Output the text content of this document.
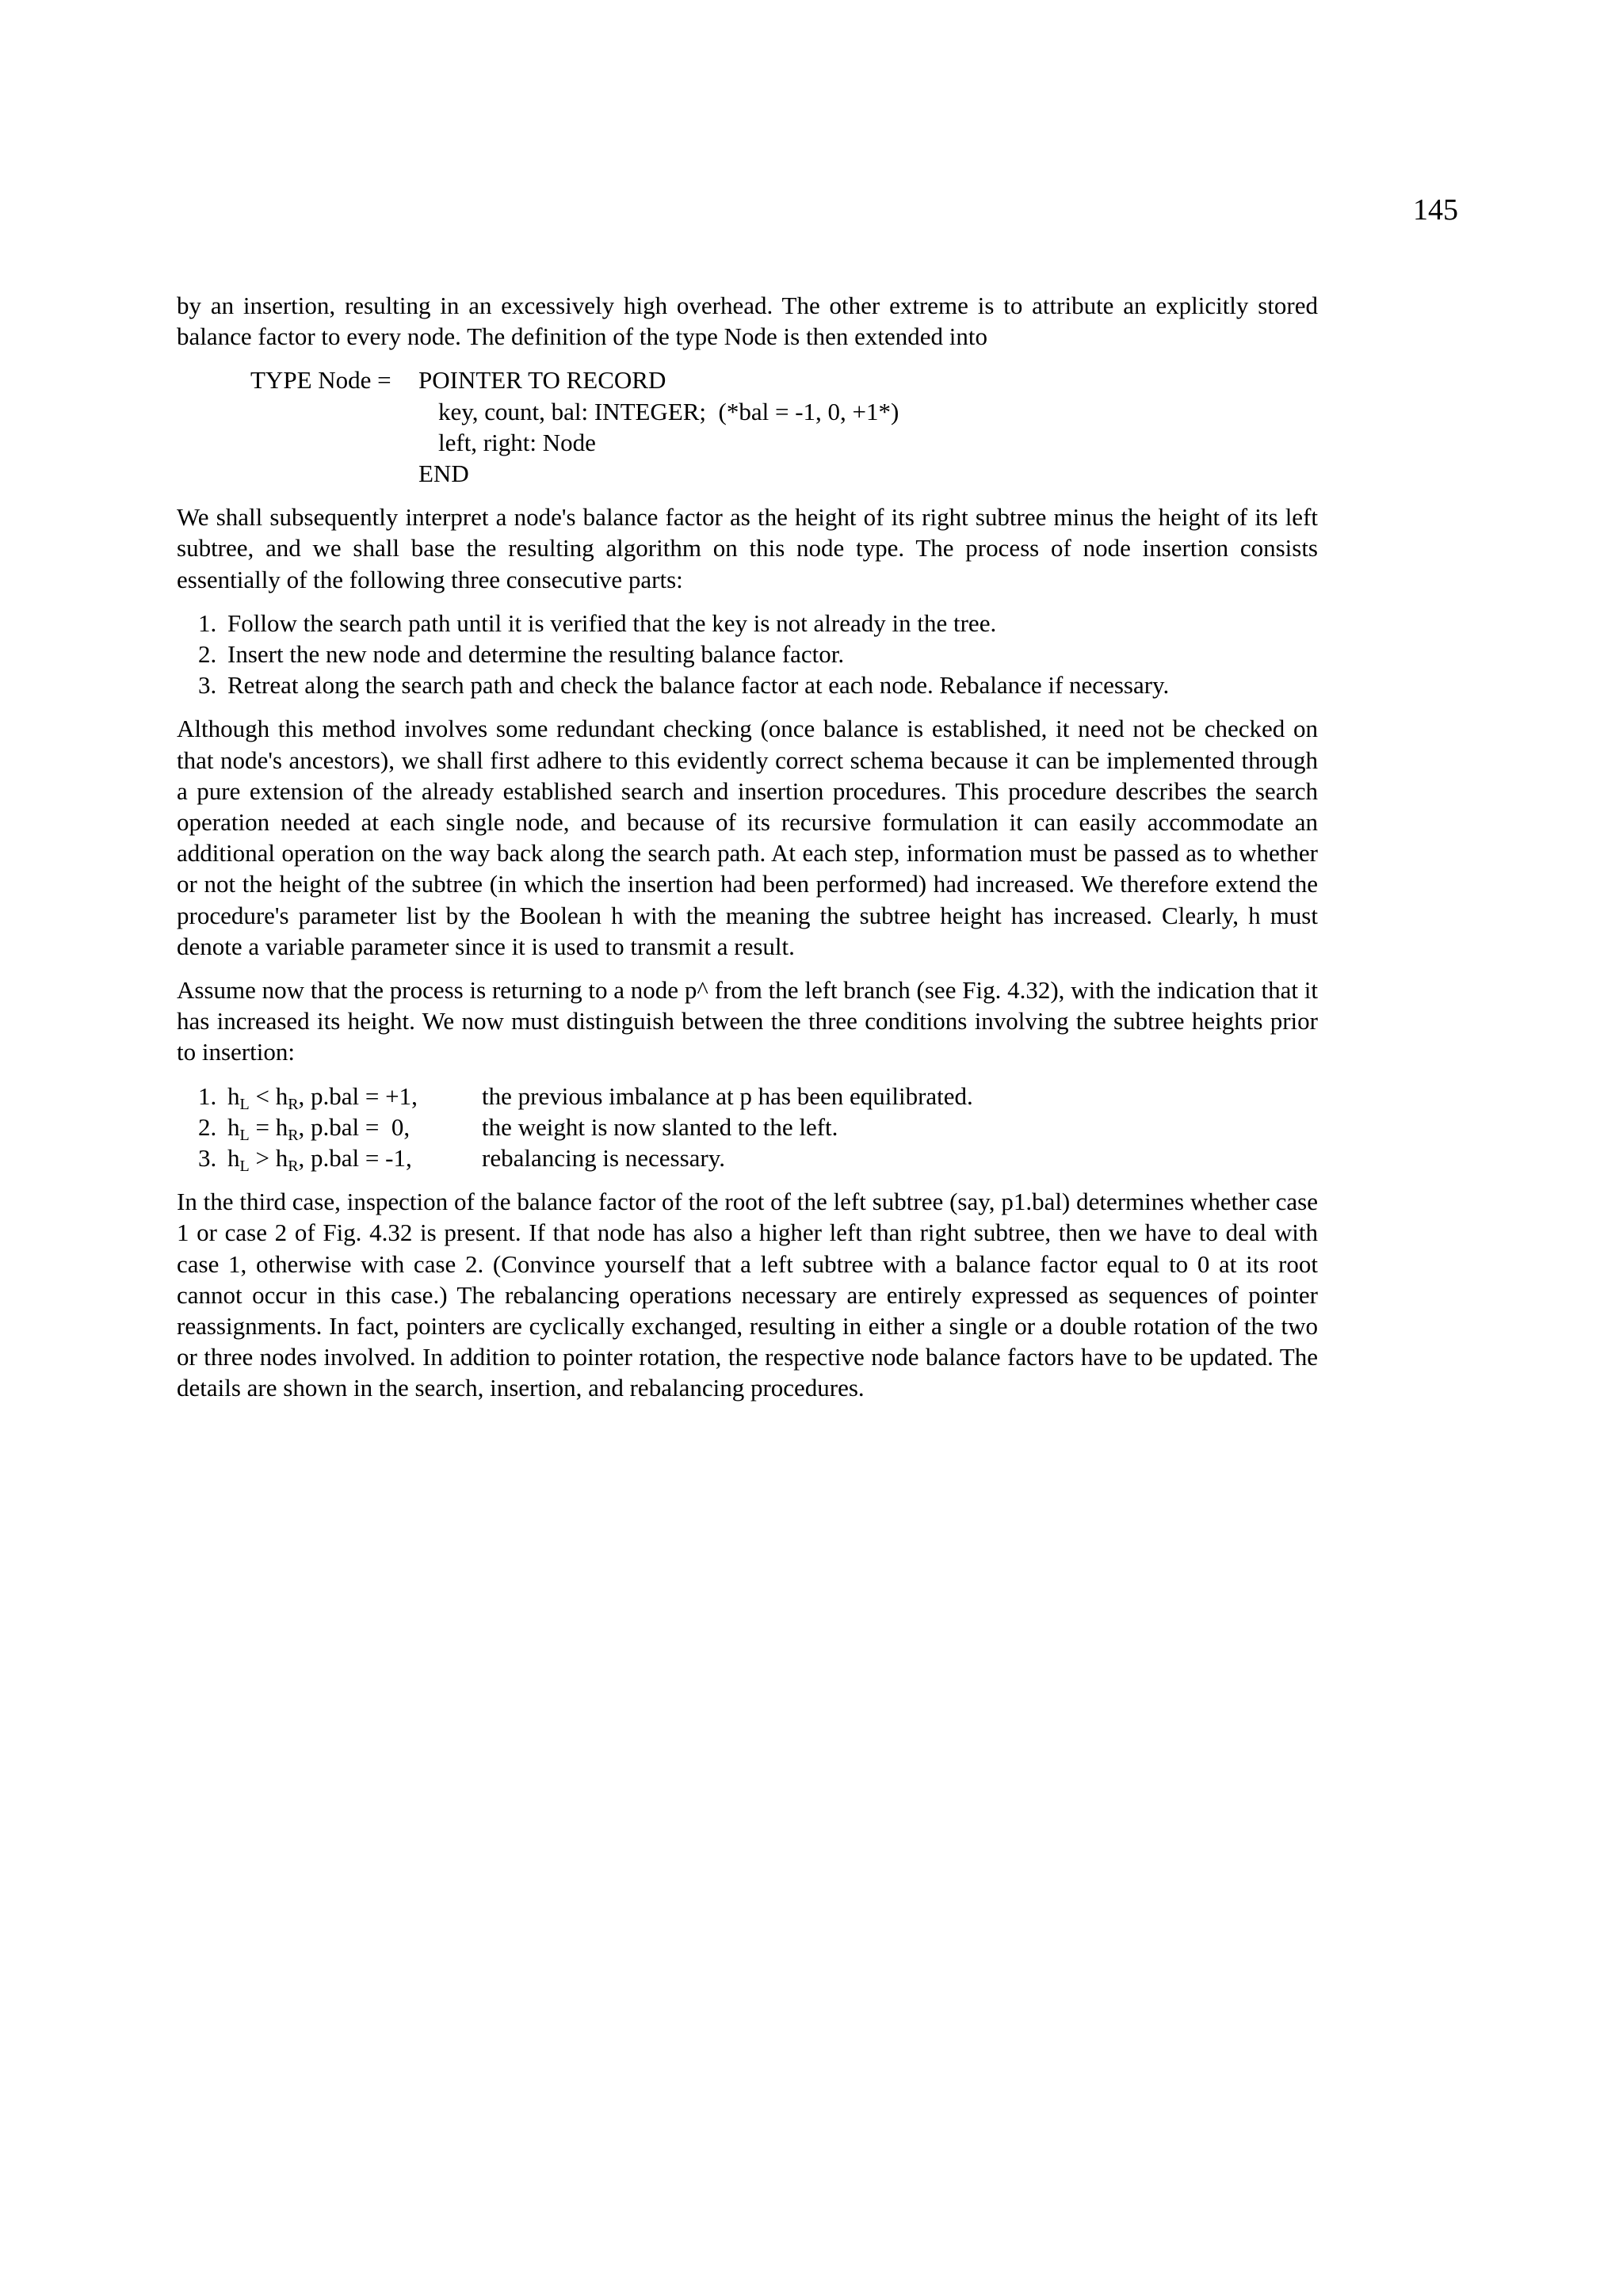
145

by an insertion, resulting in an excessively high overhead. The other extreme is to attribute an explicitly stored balance factor to every node. The definition of the type Node is then extended into

TYPE Node =	POINTER TO RECORD
key, count, bal: INTEGER;  (*bal = -1, 0, +1*)
left, right: Node
END

We shall subsequently interpret a node's balance factor as the height of its right subtree minus the height of its left subtree, and we shall base the resulting algorithm on this node type. The process of node insertion consists essentially of the following three consecutive parts:

1. Follow the search path until it is verified that the key is not already in the tree.
2. Insert the new node and determine the resulting balance factor.
3. Retreat along the search path and check the balance factor at each node. Rebalance if necessary.

Although this method involves some redundant checking (once balance is established, it need not be checked on that node's ancestors), we shall first adhere to this evidently correct schema because it can be implemented through a pure extension of the already established search and insertion procedures. This procedure describes the search operation needed at each single node, and because of its recursive formulation it can easily accommodate an additional operation on the way back along the search path. At each step, information must be passed as to whether or not the height of the subtree (in which the insertion had been performed) had increased. We therefore extend the procedure's parameter list by the Boolean h with the meaning the subtree height has increased. Clearly, h must denote a variable parameter since it is used to transmit a result.

Assume now that the process is returning to a node p^ from the left branch (see Fig. 4.32), with the indication that it has increased its height. We now must distinguish between the three conditions involving the subtree heights prior to insertion:

1. $h_L < h_R$, p.bal = +1,	the previous imbalance at p has been equilibrated.
2. $h_L = h_R$, p.bal =  0,	the weight is now slanted to the left.
3. $h_L > h_R$, p.bal = -1,	rebalancing is necessary.

In the third case, inspection of the balance factor of the root of the left subtree (say, p1.bal) determines whether case 1 or case 2 of Fig. 4.32 is present. If that node has also a higher left than right subtree, then we have to deal with case 1, otherwise with case 2. (Convince yourself that a left subtree with a balance factor equal to 0 at its root cannot occur in this case.) The rebalancing operations necessary are entirely expressed as sequences of pointer reassignments. In fact, pointers are cyclically exchanged, resulting in either a single or a double rotation of the two or three nodes involved. In addition to pointer rotation, the respective node balance factors have to be updated. The details are shown in the search, insertion, and rebalancing procedures.
